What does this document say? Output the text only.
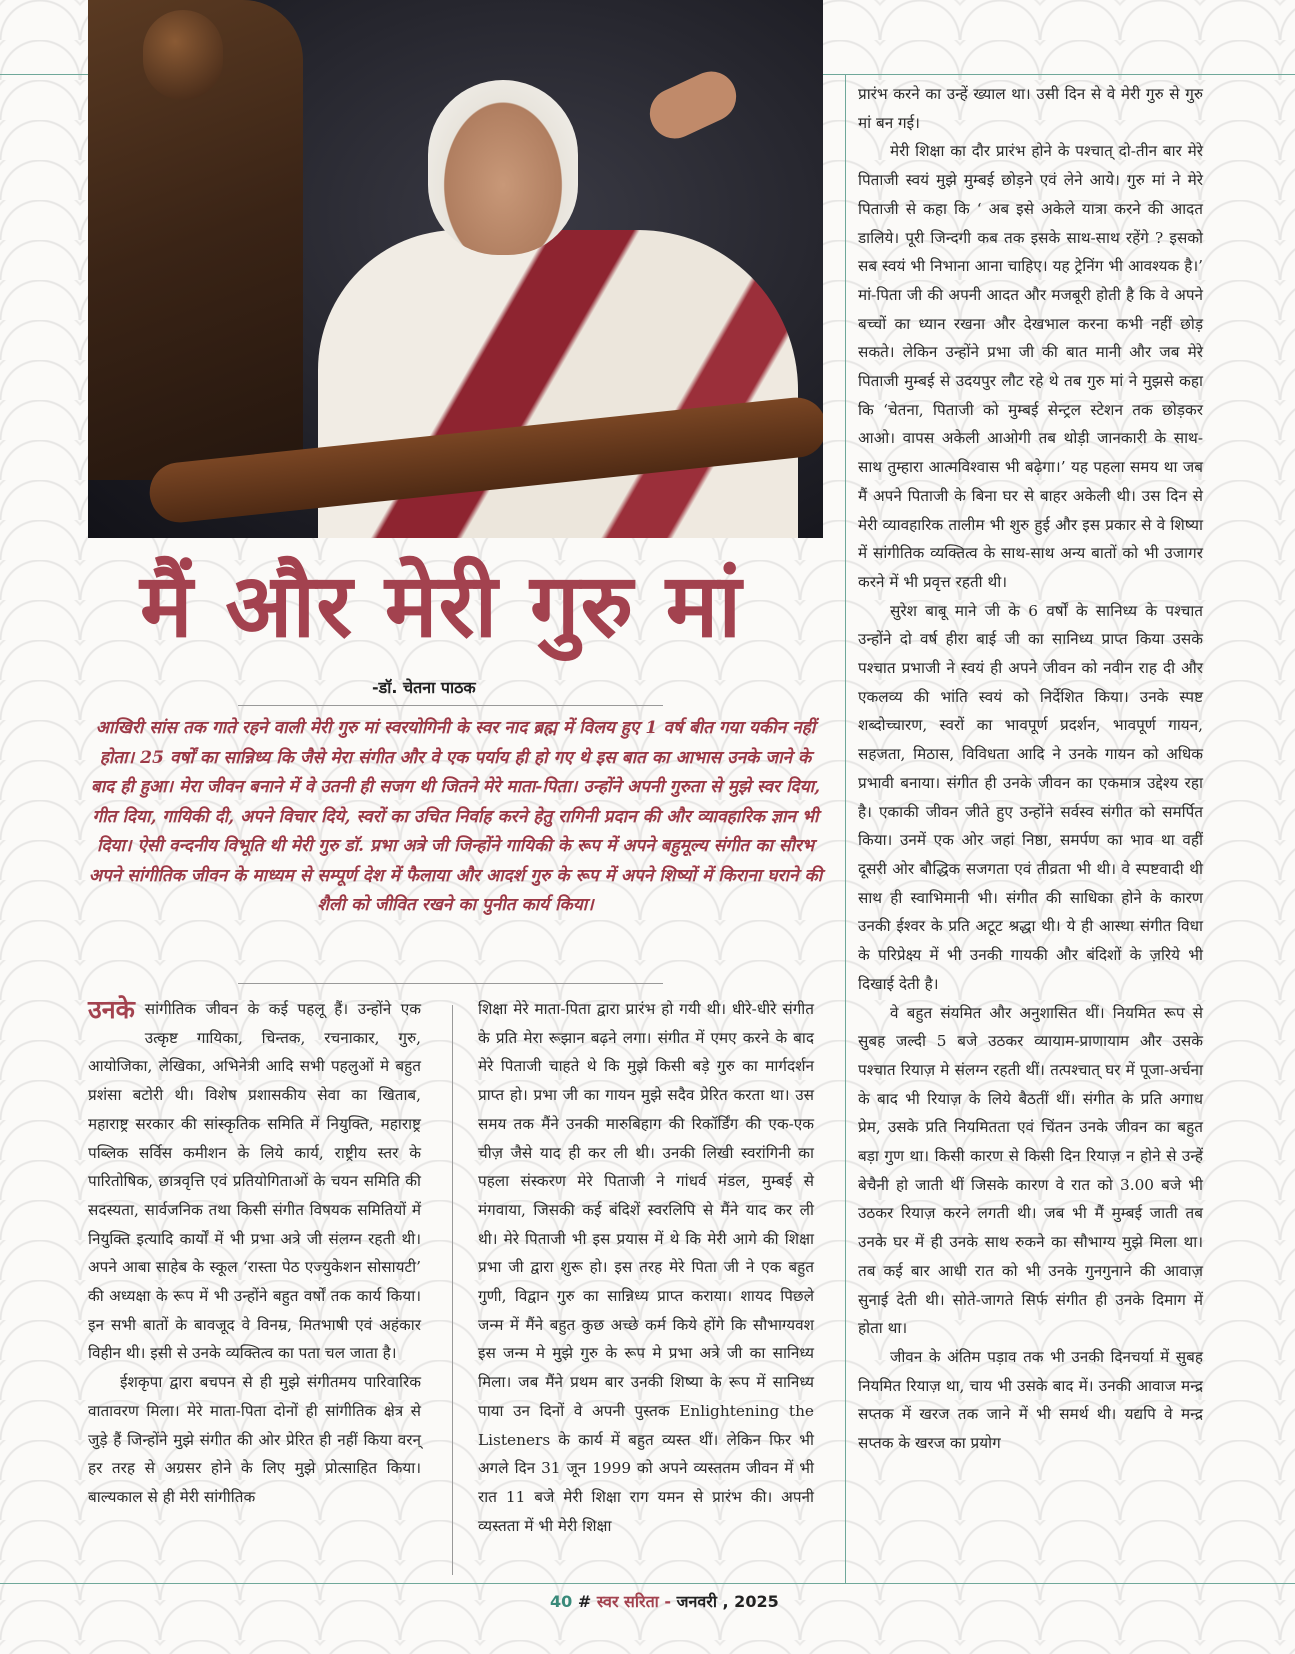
मैं और मेरी गुरु मां
-डॉ. चेतना पाठक

आखिरी सांस तक गाते रहने वाली मेरी गुरु मां स्वरयोगिनी के स्वर नाद ब्रह्म में विलय हुए 1 वर्ष बीत गया यकीन नहीं होता। 25 वर्षों का सान्निध्य कि जैसे मेरा संगीत और वे एक पर्याय ही हो गए थे इस बात का आभास उनके जाने के बाद ही हुआ। मेरा जीवन बनाने में वे उतनी ही सजग थी जितने मेरे माता-पिता। उन्होंने अपनी गुरुता से मुझे स्वर दिया, गीत दिया, गायिकी दी, अपने विचार दिये, स्वरों का उचित निर्वाह करने हेतु रागिनी प्रदान की और व्यावहारिक ज्ञान भी दिया। ऐसी वन्दनीय विभूति थी मेरी गुरु डॉ. प्रभा अत्रे जी जिन्होंने गायिकी के रूप में अपने बहुमूल्य संगीत का सौरभ अपने सांगीतिक जीवन के माध्यम से सम्पूर्ण देश में फैलाया और आदर्श गुरु के रूप में अपने शिष्यों में किराना घराने की शैली को जीवित रखने का पुनीत कार्य किया।

उनके सांगीतिक जीवन के कई पहलू हैं। उन्होंने एक उत्कृष्ट गायिका, चिन्तक, रचनाकार, गुरु, आयोजिका, लेखिका, अभिनेत्री आदि सभी पहलुओं मे बहुत प्रशंसा बटोरी थी। विशेष प्रशासकीय सेवा का खिताब, महाराष्ट्र सरकार की सांस्कृतिक समिति में नियुक्ति, महाराष्ट्र पब्लिक सर्विस कमीशन के लिये कार्य, राष्ट्रीय स्तर के पारितोषिक, छात्रवृत्ति एवं प्रतियोगिताओं के चयन समिति की सदस्यता, सार्वजनिक तथा किसी संगीत विषयक समितियों में नियुक्ति इत्यादि कार्यों में भी प्रभा अत्रे जी संलग्न रहती थी। अपने आबा साहेब के स्कूल ‘रास्ता पेठ एज्युकेशन सोसायटी’ की अध्यक्षा के रूप में भी उन्होंने बहुत वर्षों तक कार्य किया। इन सभी बातों के बावजूद वे विनम्र, मितभाषी एवं अहंकार विहीन थी। इसी से उनके व्यक्तित्व का पता चल जाता है।

ईशकृपा द्वारा बचपन से ही मुझे संगीतमय पारिवारिक वातावरण मिला। मेरे माता-पिता दोनों ही सांगीतिक क्षेत्र से जुड़े हैं जिन्होंने मुझे संगीत की ओर प्रेरित ही नहीं किया वरन् हर तरह से अग्रसर होने के लिए मुझे प्रोत्साहित किया। बाल्यकाल से ही मेरी सांगीतिक

शिक्षा मेरे माता-पिता द्वारा प्रारंभ हो गयी थी। धीरे-धीरे संगीत के प्रति मेरा रूझान बढ़ने लगा। संगीत में एमए करने के बाद मेरे पिताजी चाहते थे कि मुझे किसी बड़े गुरु का मार्गदर्शन प्राप्त हो। प्रभा जी का गायन मुझे सदैव प्रेरित करता था। उस समय तक मैंने उनकी मारुबिहाग की रिकॉर्डिंग की एक-एक चीज़ जैसे याद ही कर ली थी। उनकी लिखी स्वरांगिनी का पहला संस्करण मेरे पिताजी ने गांधर्व मंडल, मुम्बई से मंगवाया, जिसकी कई बंदिशें स्वरलिपि से मैंने याद कर ली थी। मेरे पिताजी भी इस प्रयास में थे कि मेरी आगे की शिक्षा प्रभा जी द्वारा शुरू हो। इस तरह मेरे पिता जी ने एक बहुत गुणी, विद्वान गुरु का सान्निध्य प्राप्त कराया। शायद पिछले जन्म में मैंने बहुत कुछ अच्छे कर्म किये होंगे कि सौभाग्यवश इस जन्म मे मुझे गुरु के रूप मे प्रभा अत्रे जी का सानिध्य मिला। जब मैंने प्रथम बार उनकी शिष्या के रूप में सानिध्य पाया उन दिनों वे अपनी पुस्तक Enlightening the Listeners के कार्य में बहुत व्यस्त थीं। लेकिन फिर भी अगले दिन 31 जून 1999 को अपने व्यस्ततम जीवन में भी रात 11 बजे मेरी शिक्षा राग यमन से प्रारंभ की। अपनी व्यस्तता में भी मेरी शिक्षा

प्रारंभ करने का उन्हें ख्याल था। उसी दिन से वे मेरी गुरु से गुरु मां बन गई।

मेरी शिक्षा का दौर प्रारंभ होने के पश्चात् दो-तीन बार मेरे पिताजी स्वयं मुझे मुम्बई छोड़ने एवं लेने आये। गुरु मां ने मेरे पिताजी से कहा कि ‘ अब इसे अकेले यात्रा करने की आदत डालिये। पूरी जिन्दगी कब तक इसके साथ-साथ रहेंगे ? इसको सब स्वयं भी निभाना आना चाहिए। यह ट्रेनिंग भी आवश्यक है।’ मां-पिता जी की अपनी आदत और मजबूरी होती है कि वे अपने बच्चों का ध्यान रखना और देखभाल करना कभी नहीं छोड़ सकते। लेकिन उन्होंने प्रभा जी की बात मानी और जब मेरे पिताजी मुम्बई से उदयपुर लौट रहे थे तब गुरु मां ने मुझसे कहा कि ‘चेतना, पिताजी को मुम्बई सेन्ट्रल स्टेशन तक छोड़कर आओ। वापस अकेली आओगी तब थोड़ी जानकारी के साथ-साथ तुम्हारा आत्मविश्वास भी बढ़ेगा।’ यह पहला समय था जब मैं अपने पिताजी के बिना घर से बाहर अकेली थी। उस दिन से मेरी व्यावहारिक तालीम भी शुरु हुई और इस प्रकार से वे शिष्या में सांगीतिक व्यक्तित्व के साथ-साथ अन्य बातों को भी उजागर करने में भी प्रवृत्त रहती थी।

सुरेश बाबू माने जी के 6 वर्षों के सानिध्य के पश्चात उन्होंने दो वर्ष हीरा बाई जी का सानिध्य प्राप्त किया उसके पश्चात प्रभाजी ने स्वयं ही अपने जीवन को नवीन राह दी और एकलव्य की भांति स्वयं को निर्देशित किया। उनके स्पष्ट शब्दोच्चारण, स्वरों का भावपूर्ण प्रदर्शन, भावपूर्ण गायन, सहजता, मिठास, विविधता आदि ने उनके गायन को अधिक प्रभावी बनाया। संगीत ही उनके जीवन का एकमात्र उद्देश्य रहा है। एकाकी जीवन जीते हुए उन्होंने सर्वस्व संगीत को समर्पित किया। उनमें एक ओर जहां निष्ठा, समर्पण का भाव था वहीं दूसरी ओर बौद्धिक सजगता एवं तीव्रता भी थी। वे स्पष्टवादी थी साथ ही स्वाभिमानी भी। संगीत की साधिका होने के कारण उनकी ईश्वर के प्रति अटूट श्रद्धा थी। ये ही आस्था संगीत विधा के परिप्रेक्ष्य में भी उनकी गायकी और बंदिशों के ज़रिये भी दिखाई देती है।

वे बहुत संयमित और अनुशासित थीं। नियमित रूप से सुबह जल्दी 5 बजे उठकर व्यायाम-प्राणायाम और उसके पश्चात रियाज़ मे संलग्न रहती थीं। तत्पश्चात् घर में पूजा-अर्चना के बाद भी रियाज़ के लिये बैठतीं थीं। संगीत के प्रति अगाध प्रेम, उसके प्रति नियमितता एवं चिंतन उनके जीवन का बहुत बड़ा गुण था। किसी कारण से किसी दिन रियाज़ न होने से उन्हें बेचैनी हो जाती थीं जिसके कारण वे रात को 3.00 बजे भी उठकर रियाज़ करने लगती थी। जब भी मैं मुम्बई जाती तब उनके घर में ही उनके साथ रुकने का सौभाग्य मुझे मिला था। तब कई बार आधी रात को भी उनके गुनगुनाने की आवाज़ सुनाई देती थी। सोते-जागते सिर्फ संगीत ही उनके दिमाग में होता था।

जीवन के अंतिम पड़ाव तक भी उनकी दिनचर्या में सुबह नियमित रियाज़ था, चाय भी उसके बाद में। उनकी आवाज मन्द्र सप्तक में खरज तक जाने में भी समर्थ थी। यद्यपि वे मन्द्र सप्तक के खरज का प्रयोग

40 # स्वर सरिता - जनवरी , 2025
